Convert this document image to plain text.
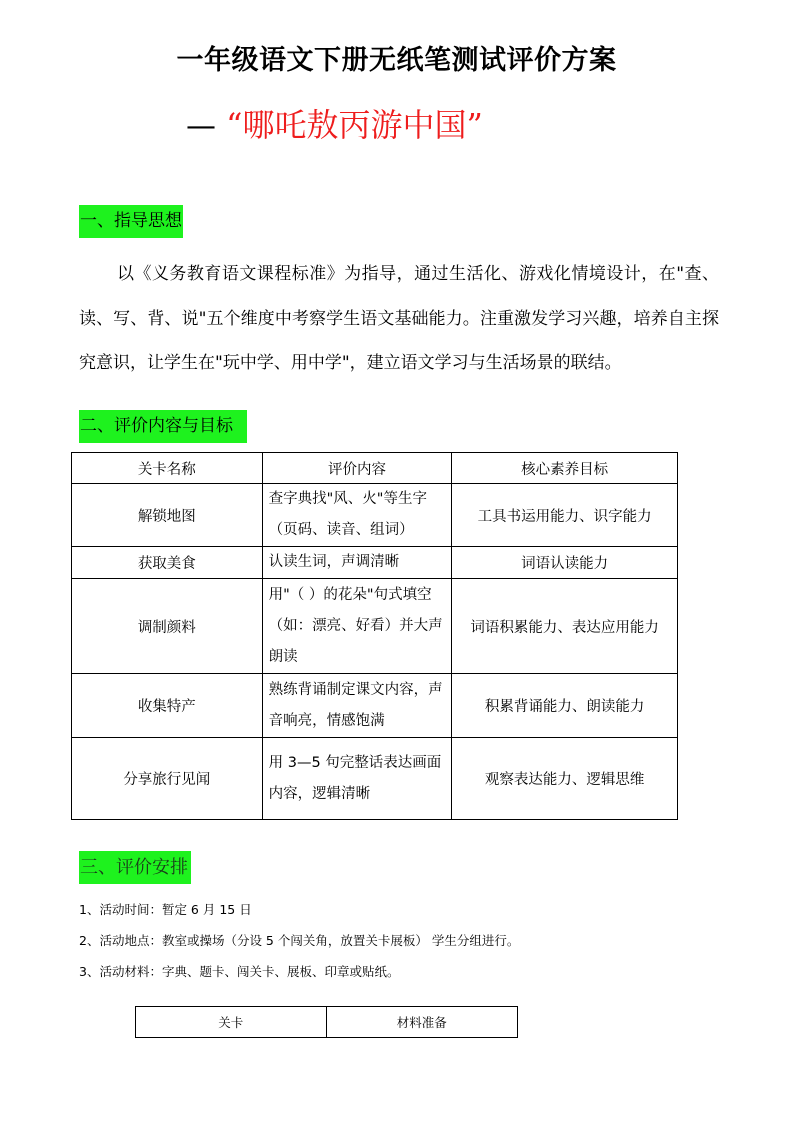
一年级语文下册无纸笔测试评价方案
— “哪吒敖丙游中国”
一、指导思想
以《义务教育语文课程标准》为指导，通过生活化、游戏化情境设计，在"查、读、写、背、说"五个维度中考察学生语文基础能力。注重激发学习兴趣，培养自主探究意识，让学生在"玩中学、用中学"，建立语文学习与生活场景的联结。
二、评价内容与目标
关卡名称	评价内容	核心素养目标
解锁地图	查字典找"风、火"等生字（页码、读音、组词）	工具书运用能力、识字能力
获取美食	认读生词，声调清晰	词语认读能力
调制颜料	用"（ ）的花朵"句式填空（如：漂亮、好看）并大声朗读	词语积累能力、表达应用能力
收集特产	熟练背诵制定课文内容，声音响亮，情感饱满	积累背诵能力、朗读能力
分享旅行见闻	用 3—5 句完整话表达画面内容，逻辑清晰	观察表达能力、逻辑思维
三、评价安排
1、活动时间：暂定 6 月 15 日
2、活动地点：教室或操场（分设 5 个闯关角，放置关卡展板） 学生分组进行。
3、活动材料：字典、题卡、闯关卡、展板、印章或贴纸。
关卡	材料准备
